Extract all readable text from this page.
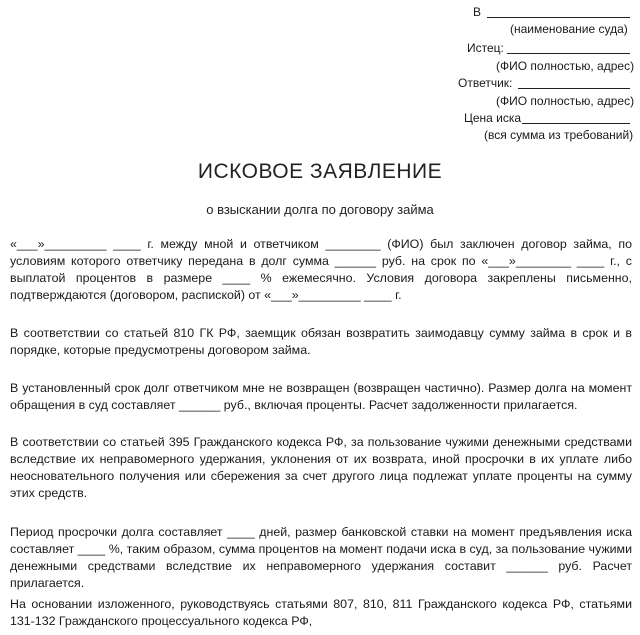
В
(наименование суда)
Истец:
(ФИО полностью, адрес)
Ответчик:
(ФИО полностью, адрес)
Цена иска
(вся сумма из требований)
ИСКОВОЕ ЗАЯВЛЕНИЕ
о взыскании долга по договору займа

«___»_________ ____ г. между мной и ответчиком ________ (ФИО) был заключен договор займа, по условиям которого ответчику передана в долг сумма ______ руб. на срок по «___»________ ____ г., с выплатой процентов в размере ____ % ежемесячно. Условия договора закреплены письменно, подтверждаются (договором, распиской) от «___»_________ ____ г.

В соответствии со статьей 810 ГК РФ, заемщик обязан возвратить заимодавцу сумму займа в срок и в порядке, которые предусмотрены договором займа.

В установленный срок долг ответчиком мне не возвращен (возвращен частично). Размер долга на момент обращения в суд составляет ______ руб., включая проценты. Расчет задолженности прилагается.

В соответствии со статьей 395 Гражданского кодекса РФ, за пользование чужими денежными средствами вследствие их неправомерного удержания, уклонения от их возврата, иной просрочки в их уплате либо неосновательного получения или сбережения за счет другого лица подлежат уплате проценты на сумму этих средств.

Период просрочки долга составляет ____ дней, размер банковской ставки на момент предъявления иска составляет ____ %, таким образом, сумма процентов на момент подачи иска в суд, за пользование чужими денежными средствами вследствие их неправомерного удержания составит ______ руб. Расчет прилагается.

На основании изложенного, руководствуясь статьями 807, 810, 811 Гражданского кодекса РФ, статьями 131-132 Гражданского процессуального кодекса РФ,
